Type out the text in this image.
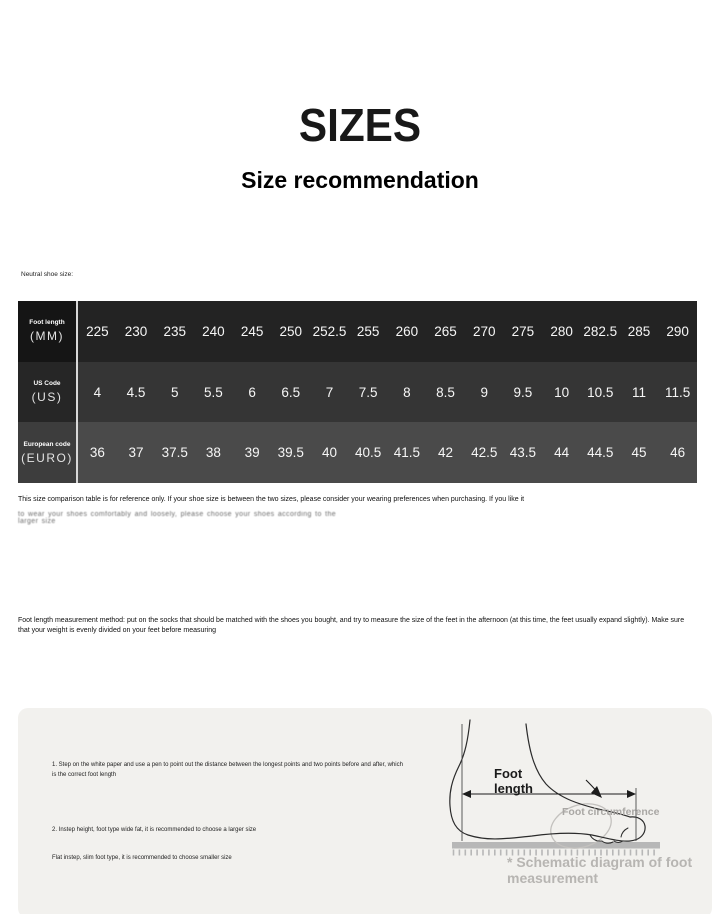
SIZES
Size recommendation
Neutral shoe size:
Foot length
(MM)	225	230	235	240	245	250 252.5 255	260	265	270	275	280 282.5 285	290
US Code
(US)	4	4.5	5	5.5	6	6.5	7	7.5	8	8.5	9	9.5	10	10.5	11	11.5
European code
(EURO)	36	37	37.5	38	39	39.5	40	40.5 41.5	42	42.5 43.5	44	44.5	45	46

This size comparison table is for reference only. If your shoe size is between the two sizes, please consider your wearing preferences when purchasing. If you like it

to wear your shoes comfortably and loosely, please choose your shoes according to the larger size

Foot length measurement method: put on the socks that should be matched with the shoes you bought, and try to measure the size of the feet in the afternoon (at this time, the feet usually expand slightly). Make sure that your weight is evenly divided on your feet before measuring

1. Step on the white paper and use a pen to point out the distance between the longest points and two points before and after, which is the correct foot length

2. Instep height, foot type wide fat, it is recommended to choose a larger size

Flat instep, slim foot type, it is recommended to choose smaller size

Foot length
Foot circumference
* Schematic diagram of foot measurement
